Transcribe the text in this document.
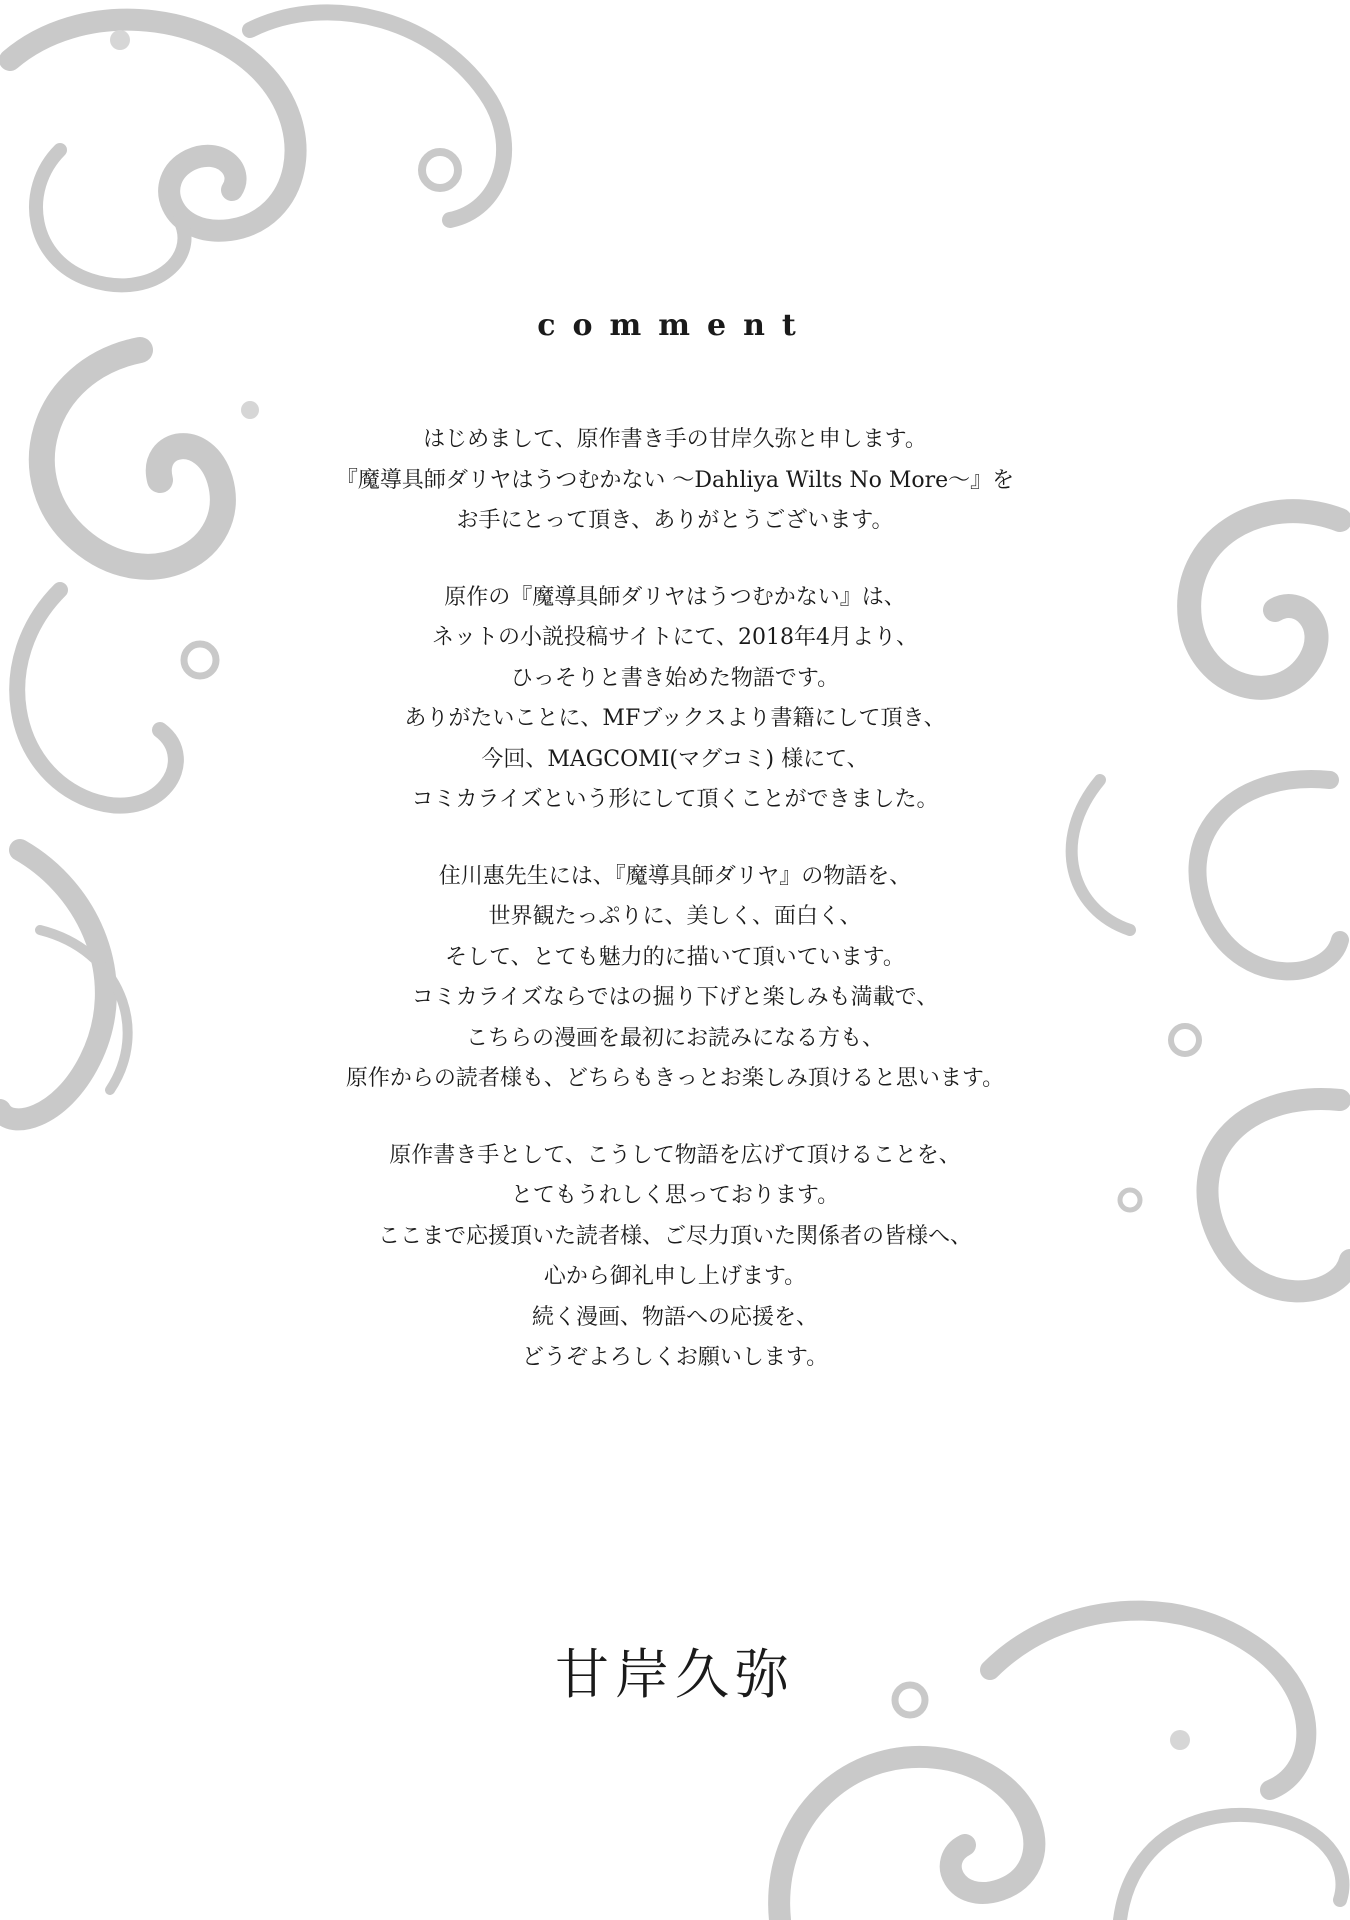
comment

はじめまして、原作書き手の甘岸久弥と申します。
『魔導具師ダリヤはうつむかない ～Dahliya Wilts No More～』を
お手にとって頂き、ありがとうございます。

原作の『魔導具師ダリヤはうつむかない』は、
ネットの小説投稿サイトにて、2018年4月より、
ひっそりと書き始めた物語です。
ありがたいことに、MFブックスより書籍にして頂き、
今回、MAGCOMI(マグコミ) 様にて、
コミカライズという形にして頂くことができました。

住川惠先生には、『魔導具師ダリヤ』の物語を、
世界観たっぷりに、美しく、面白く、
そして、とても魅力的に描いて頂いています。
コミカライズならではの掘り下げと楽しみも満載で、
こちらの漫画を最初にお読みになる方も、
原作からの読者様も、どちらもきっとお楽しみ頂けると思います。

原作書き手として、こうして物語を広げて頂けることを、
とてもうれしく思っております。
ここまで応援頂いた読者様、ご尽力頂いた関係者の皆様へ、
心から御礼申し上げます。
続く漫画、物語への応援を、
どうぞよろしくお願いします。

甘岸久弥
